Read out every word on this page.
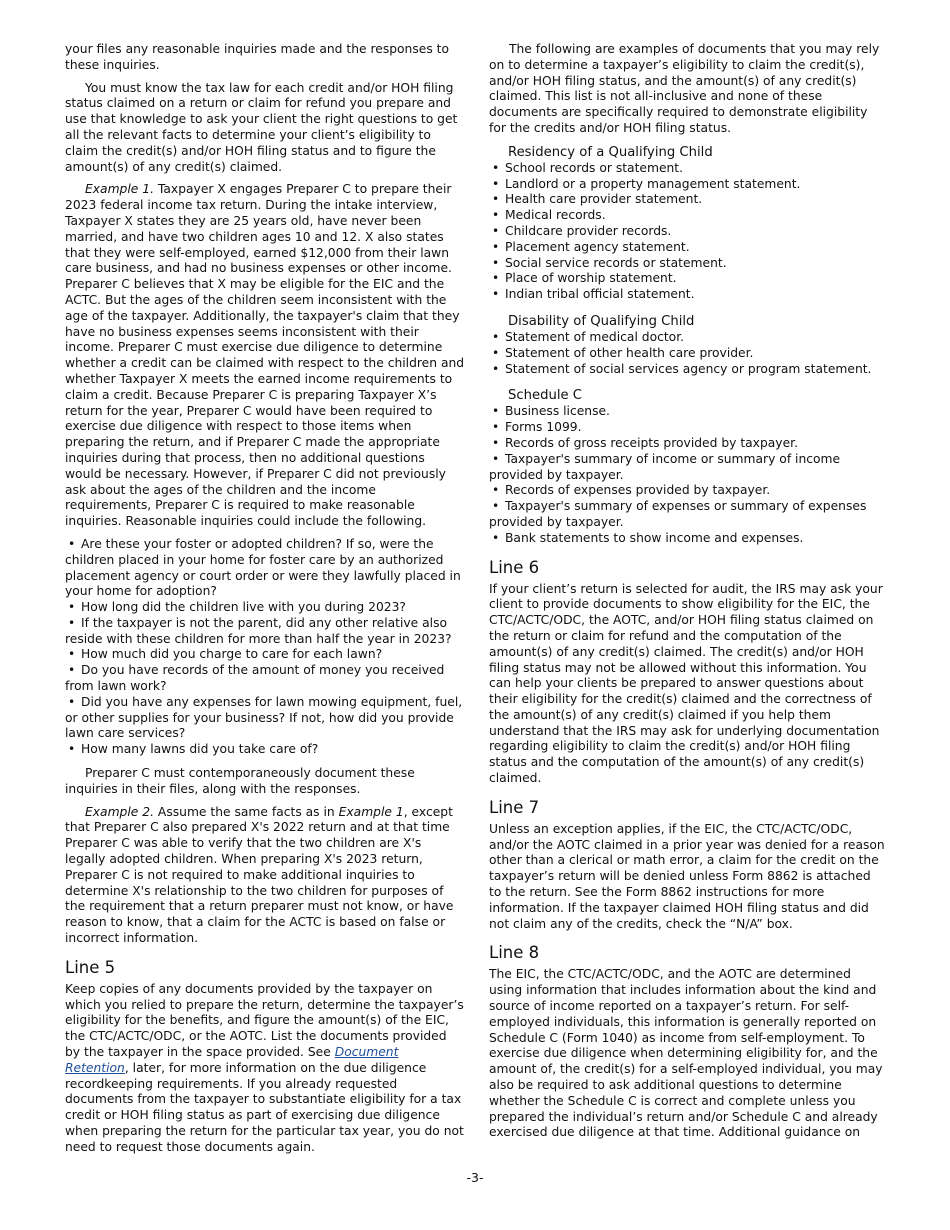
your files any reasonable inquiries made and the responses to these inquiries.

You must know the tax law for each credit and/or HOH filing status claimed on a return or claim for refund you prepare and use that knowledge to ask your client the right questions to get all the relevant facts to determine your client’s eligibility to claim the credit(s) and/or HOH filing status and to figure the amount(s) of any credit(s) claimed.

Example 1. Taxpayer X engages Preparer C to prepare their 2023 federal income tax return. During the intake interview, Taxpayer X states they are 25 years old, have never been married, and have two children ages 10 and 12. X also states that they were self-employed, earned $12,000 from their lawn care business, and had no business expenses or other income. Preparer C believes that X may be eligible for the EIC and the ACTC. But the ages of the children seem inconsistent with the age of the taxpayer. Additionally, the taxpayer's claim that they have no business expenses seems inconsistent with their income. Preparer C must exercise due diligence to determine whether a credit can be claimed with respect to the children and whether Taxpayer X meets the earned income requirements to claim a credit. Because Preparer C is preparing Taxpayer X’s return for the year, Preparer C would have been required to exercise due diligence with respect to those items when preparing the return, and if Preparer C made the appropriate inquiries during that process, then no additional questions would be necessary. However, if Preparer C did not previously ask about the ages of the children and the income requirements, Preparer C is required to make reasonable inquiries. Reasonable inquiries could include the following.

• Are these your foster or adopted children? If so, were the children placed in your home for foster care by an authorized placement agency or court order or were they lawfully placed in your home for adoption?
• How long did the children live with you during 2023?
• If the taxpayer is not the parent, did any other relative also reside with these children for more than half the year in 2023?
• How much did you charge to care for each lawn?
• Do you have records of the amount of money you received from lawn work?
• Did you have any expenses for lawn mowing equipment, fuel, or other supplies for your business? If not, how did you provide lawn care services?
• How many lawns did you take care of?

Preparer C must contemporaneously document these inquiries in their files, along with the responses.

Example 2. Assume the same facts as in Example 1, except that Preparer C also prepared X's 2022 return and at that time Preparer C was able to verify that the two children are X's legally adopted children. When preparing X's 2023 return, Preparer C is not required to make additional inquiries to determine X's relationship to the two children for purposes of the requirement that a return preparer must not know, or have reason to know, that a claim for the ACTC is based on false or incorrect information.

Line 5

Keep copies of any documents provided by the taxpayer on which you relied to prepare the return, determine the taxpayer’s eligibility for the benefits, and figure the amount(s) of the EIC, the CTC/ACTC/ODC, or the AOTC. List the documents provided by the taxpayer in the space provided. See Document Retention, later, for more information on the due diligence recordkeeping requirements. If you already requested documents from the taxpayer to substantiate eligibility for a tax credit or HOH filing status as part of exercising due diligence when preparing the return for the particular tax year, you do not need to request those documents again.

The following are examples of documents that you may rely on to determine a taxpayer’s eligibility to claim the credit(s), and/or HOH filing status, and the amount(s) of any credit(s) claimed. This list is not all-inclusive and none of these documents are specifically required to demonstrate eligibility for the credits and/or HOH filing status.

Residency of a Qualifying Child
• School records or statement.
• Landlord or a property management statement.
• Health care provider statement.
• Medical records.
• Childcare provider records.
• Placement agency statement.
• Social service records or statement.
• Place of worship statement.
• Indian tribal official statement.
Disability of Qualifying Child
• Statement of medical doctor.
• Statement of other health care provider.
• Statement of social services agency or program statement.
Schedule C
• Business license.
• Forms 1099.
• Records of gross receipts provided by taxpayer.
• Taxpayer's summary of income or summary of income provided by taxpayer.
• Records of expenses provided by taxpayer.
• Taxpayer's summary of expenses or summary of expenses provided by taxpayer.
• Bank statements to show income and expenses.
Line 6

If your client’s return is selected for audit, the IRS may ask your client to provide documents to show eligibility for the EIC, the CTC/ACTC/ODC, the AOTC, and/or HOH filing status claimed on the return or claim for refund and the computation of the amount(s) of any credit(s) claimed. The credit(s) and/or HOH filing status may not be allowed without this information. You can help your clients be prepared to answer questions about their eligibility for the credit(s) claimed and the correctness of the amount(s) of any credit(s) claimed if you help them understand that the IRS may ask for underlying documentation regarding eligibility to claim the credit(s) and/or HOH filing status and the computation of the amount(s) of any credit(s) claimed.

Line 7

Unless an exception applies, if the EIC, the CTC/ACTC/ODC, and/or the AOTC claimed in a prior year was denied for a reason other than a clerical or math error, a claim for the credit on the taxpayer’s return will be denied unless Form 8862 is attached to the return. See the Form 8862 instructions for more information. If the taxpayer claimed HOH filing status and did not claim any of the credits, check the “N/A” box.

Line 8

The EIC, the CTC/ACTC/ODC, and the AOTC are determined using information that includes information about the kind and source of income reported on a taxpayer’s return. For self-employed individuals, this information is generally reported on Schedule C (Form 1040) as income from self-employment. To exercise due diligence when determining eligibility for, and the amount of, the credit(s) for a self-employed individual, you may also be required to ask additional questions to determine whether the Schedule C is correct and complete unless you prepared the individual’s return and/or Schedule C and already exercised due diligence at that time. Additional guidance on

-3-
